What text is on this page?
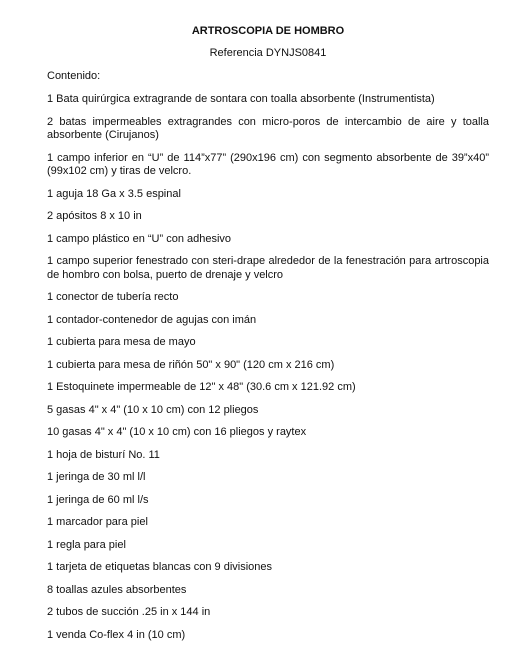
ARTROSCOPIA DE HOMBRO
Referencia DYNJS0841
Contenido:
1 Bata quirúrgica extragrande de sontara con toalla absorbente (Instrumentista)
2 batas impermeables extragrandes con micro-poros de intercambio de aire y toalla absorbente (Cirujanos)
1 campo inferior en “U” de 114”x77” (290x196 cm) con segmento absorbente de 39”x40” (99x102 cm) y tiras de velcro.
1 aguja 18 Ga x 3.5 espinal
2 apósitos 8 x 10 in
1 campo plástico en “U” con adhesivo
1 campo superior fenestrado con steri-drape alrededor de la fenestración para artroscopia de hombro con bolsa, puerto de drenaje y velcro
1 conector de tubería recto
1 contador-contenedor de agujas con imán
1 cubierta para mesa de mayo
1 cubierta para mesa de riñón 50" x 90" (120 cm x 216 cm)
1 Estoquinete impermeable de 12" x 48" (30.6 cm x 121.92 cm)
5 gasas 4" x 4" (10 x 10 cm) con 12 pliegos
10 gasas 4" x 4" (10 x 10 cm) con 16 pliegos y raytex
1 hoja de bisturí No. 11
1 jeringa de 30 ml l/l
1 jeringa de 60 ml l/s
1 marcador para piel
1 regla para piel
1 tarjeta de etiquetas blancas con 9 divisiones
8 toallas azules absorbentes
2 tubos de succión .25 in x 144 in
1 venda Co-flex 4 in (10 cm)
